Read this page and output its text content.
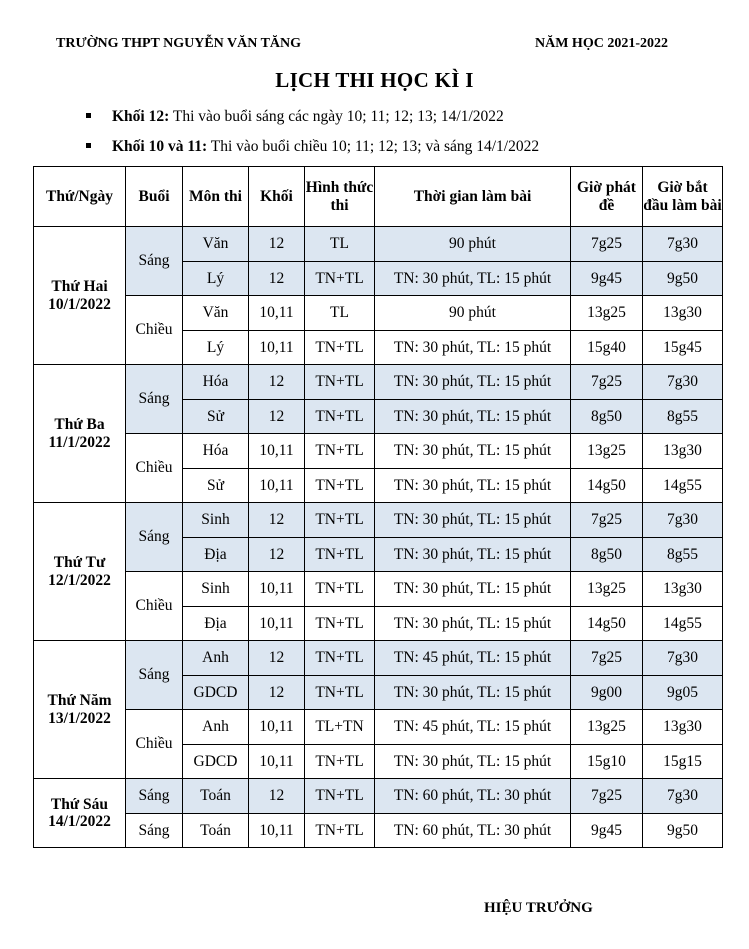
TRƯỜNG THPT NGUYỄN VĂN TĂNG	NĂM HỌC 2021-2022
LỊCH THI HỌC KÌ I
Khối 12: Thi vào buổi sáng các ngày 10; 11; 12; 13; 14/1/2022
Khối 10 và 11: Thi vào buổi chiều 10; 11; 12; 13; và sáng 14/1/2022
Thứ/Ngày	Buổi	Môn thi	Khối	Hình thức thi	Thời gian làm bài	Giờ phát đề	Giờ bắt đầu làm bài
Thứ Hai
10/1/2022	Sáng	Văn	12	TL	90 phút	7g25	7g30
		Lý	12	TN+TL	TN: 30 phút, TL: 15 phút	9g45	9g50
	Chiều	Văn	10,11	TL	90 phút	13g25	13g30
		Lý	10,11	TN+TL	TN: 30 phút, TL: 15 phút	15g40	15g45
Thứ Ba
11/1/2022	Sáng	Hóa	12	TN+TL	TN: 30 phút, TL: 15 phút	7g25	7g30
		Sử	12	TN+TL	TN: 30 phút, TL: 15 phút	8g50	8g55
	Chiều	Hóa	10,11	TN+TL	TN: 30 phút, TL: 15 phút	13g25	13g30
		Sử	10,11	TN+TL	TN: 30 phút, TL: 15 phút	14g50	14g55
Thứ Tư
12/1/2022	Sáng	Sinh	12	TN+TL	TN: 30 phút, TL: 15 phút	7g25	7g30
		Địa	12	TN+TL	TN: 30 phút, TL: 15 phút	8g50	8g55
	Chiều	Sinh	10,11	TN+TL	TN: 30 phút, TL: 15 phút	13g25	13g30
		Địa	10,11	TN+TL	TN: 30 phút, TL: 15 phút	14g50	14g55
Thứ Năm
13/1/2022	Sáng	Anh	12	TN+TL	TN: 45 phút, TL: 15 phút	7g25	7g30
		GDCD	12	TN+TL	TN: 30 phút, TL: 15 phút	9g00	9g05
	Chiều	Anh	10,11	TL+TN	TN: 45 phút, TL: 15 phút	13g25	13g30
		GDCD	10,11	TN+TL	TN: 30 phút, TL: 15 phút	15g10	15g15
Thứ Sáu
14/1/2022	Sáng	Toán	12	TN+TL	TN: 60 phút, TL: 30 phút	7g25	7g30
	Sáng	Toán	10,11	TN+TL	TN: 60 phút, TL: 30 phút	9g45	9g50
HIỆU TRƯỞNG
